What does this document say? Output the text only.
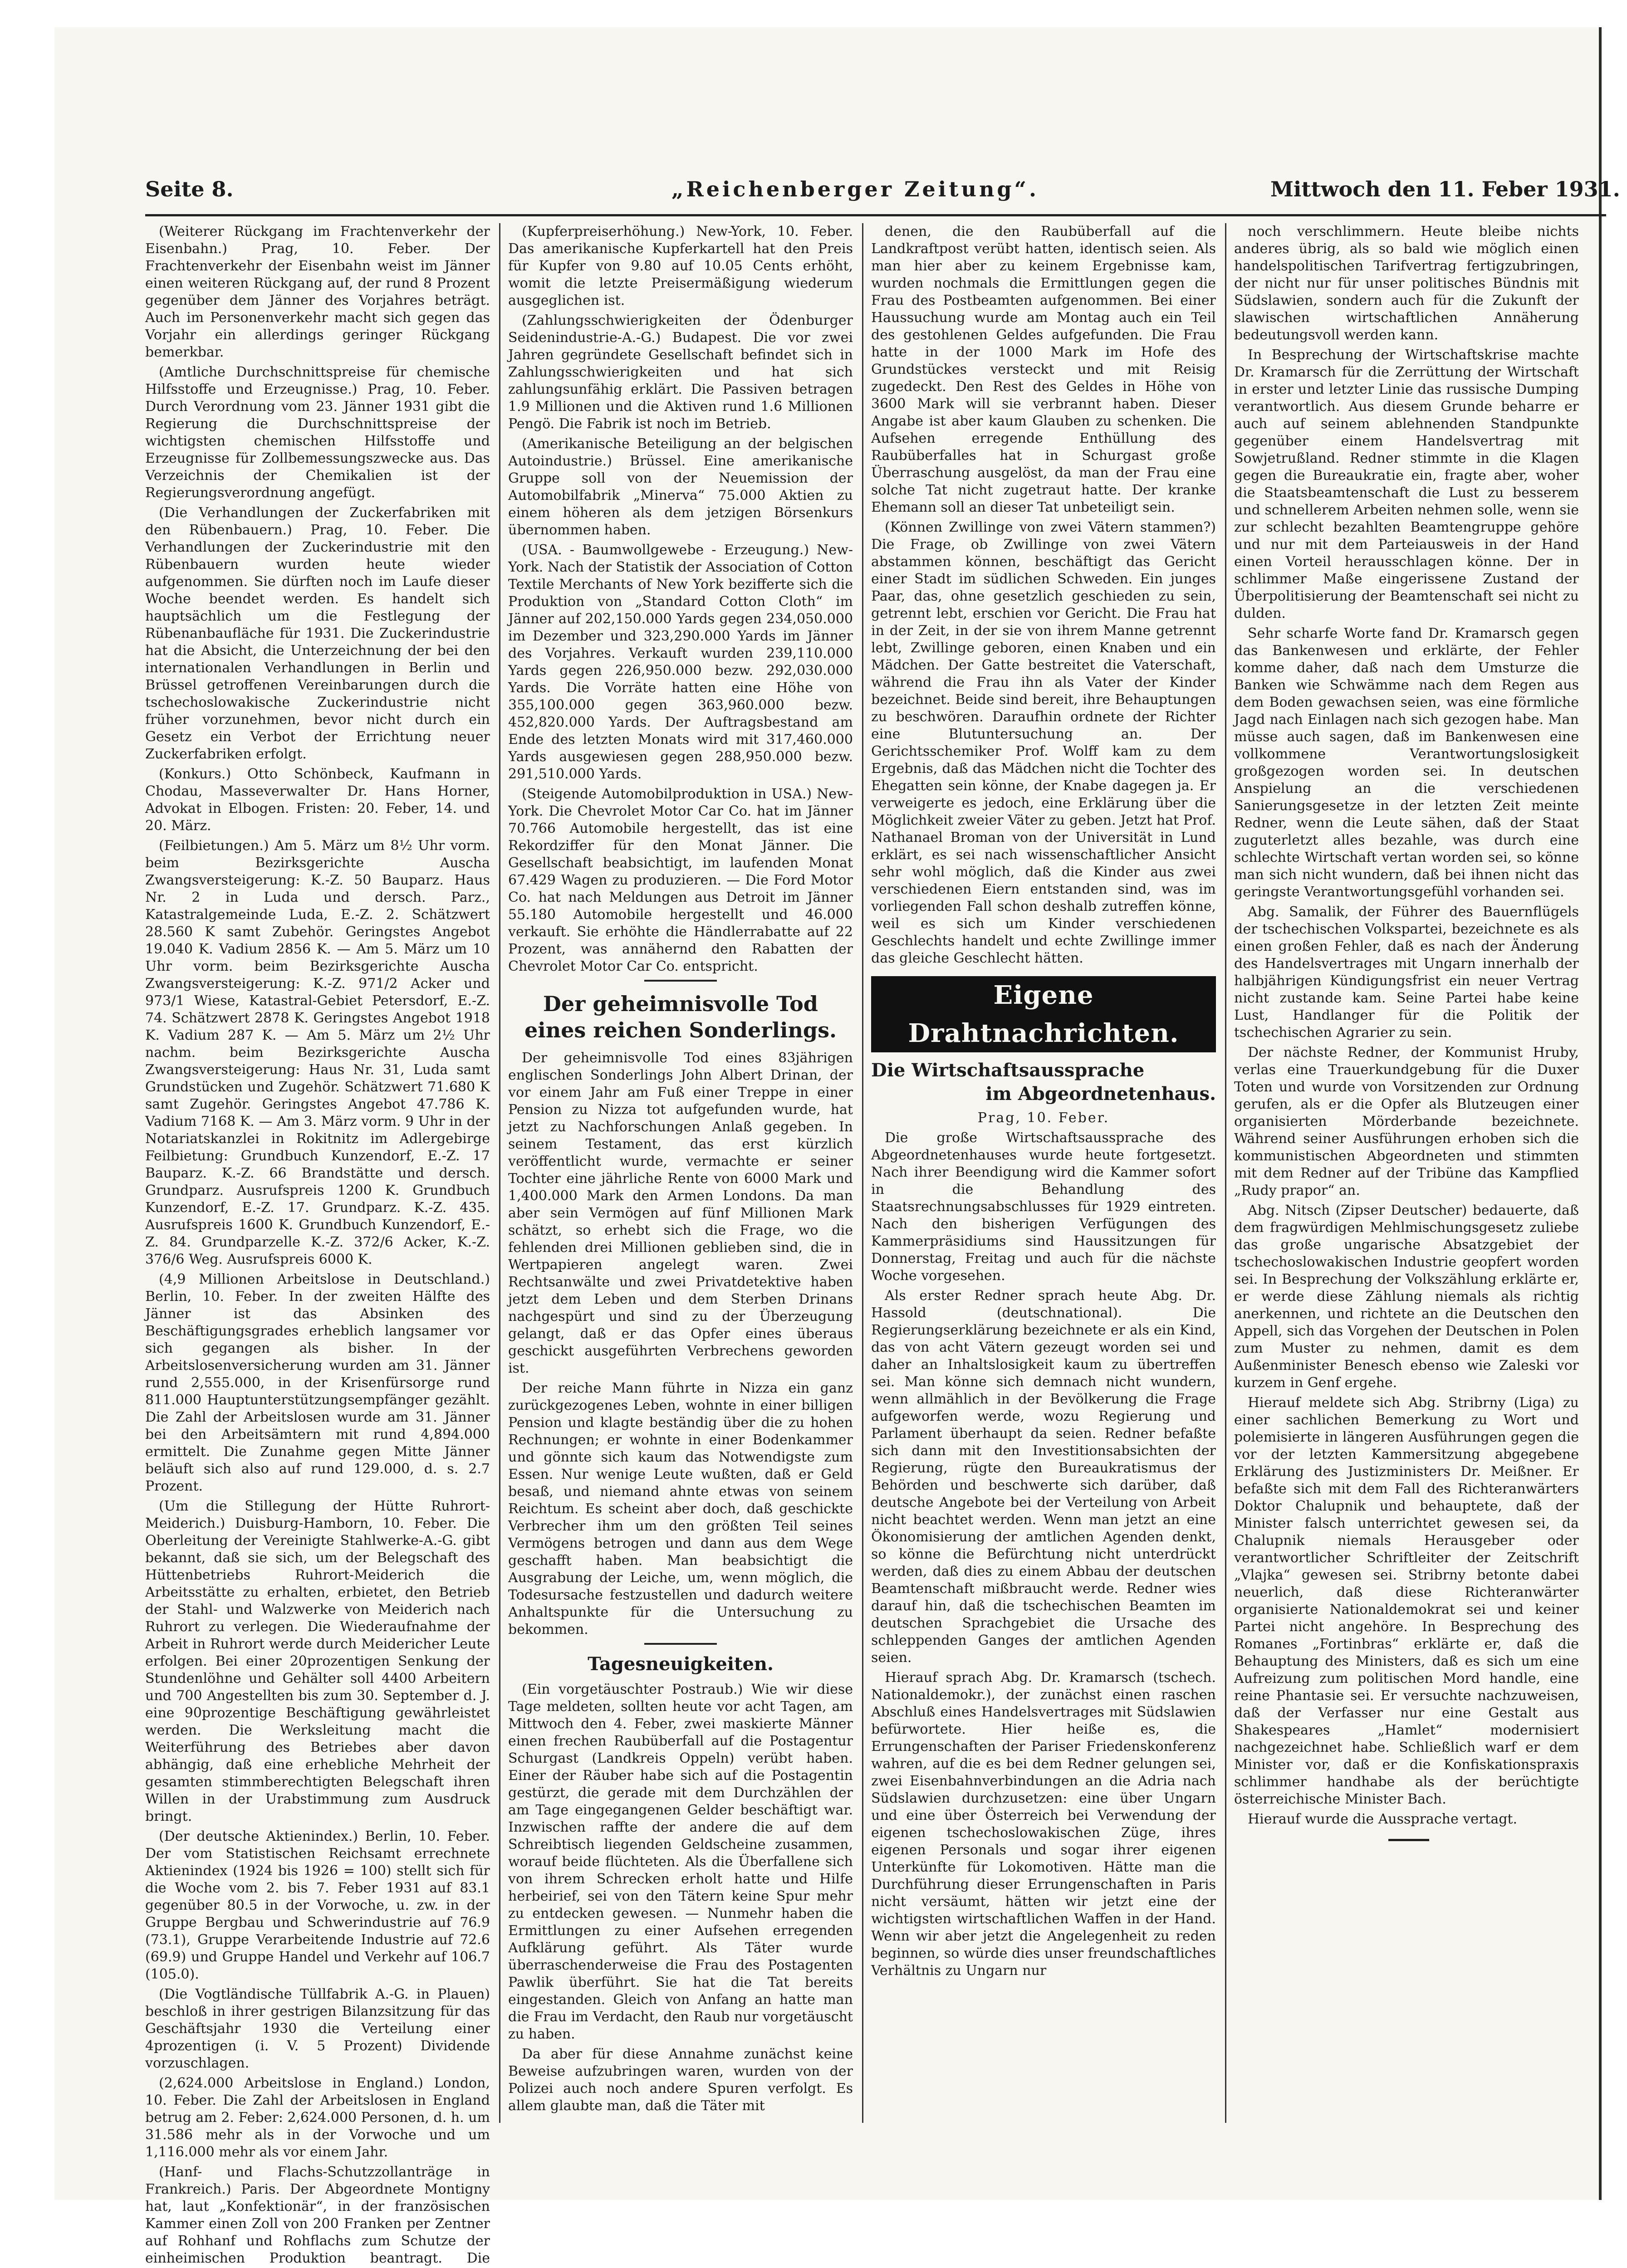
Seite 8.	„Reichenberger Zeitung“.	Mittwoch den 11. Feber 1931.

(Weiterer Rückgang im Frachtenverkehr der Eisenbahn.) Prag, 10. Feber. Der Frachtenverkehr der Eisenbahn weist im Jänner einen weiteren Rückgang auf, der rund 8 Prozent gegenüber dem Jänner des Vorjahres beträgt. Auch im Personenverkehr macht sich gegen das Vorjahr ein allerdings geringer Rückgang bemerkbar.

(Amtliche Durchschnittspreise für chemische Hilfsstoffe und Erzeugnisse.) Prag, 10. Feber. Durch Verordnung vom 23. Jänner 1931 gibt die Regierung die Durchschnittspreise der wichtigsten chemischen Hilfsstoffe und Erzeugnisse für Zollbemessungszwecke aus. Das Verzeichnis der Chemikalien ist der Regierungsverordnung angefügt.

(Die Verhandlungen der Zuckerfabriken mit den Rübenbauern.) Prag, 10. Feber. Die Verhandlungen der Zuckerindustrie mit den Rübenbauern wurden heute wieder aufgenommen. Sie dürften noch im Laufe dieser Woche beendet werden. Es handelt sich hauptsächlich um die Festlegung der Rübenanbaufläche für 1931. Die Zuckerindustrie hat die Absicht, die Unterzeichnung der bei den internationalen Verhandlungen in Berlin und Brüssel getroffenen Vereinbarungen durch die tschechoslowakische Zuckerindustrie nicht früher vorzunehmen, bevor nicht durch ein Gesetz ein Verbot der Errichtung neuer Zuckerfabriken erfolgt.

(Konkurs.) Otto Schönbeck, Kaufmann in Chodau, Masseverwalter Dr. Hans Horner, Advokat in Elbogen. Fristen: 20. Feber, 14. und 20. März.

(Feilbietungen.) Am 5. März um 8½ Uhr vorm. beim Bezirksgerichte Auscha Zwangsversteigerung: K.-Z. 50 Bauparz. Haus Nr. 2 in Luda und dersch. Parz., Katastralgemeinde Luda, E.-Z. 2. Schätzwert 28.560 K samt Zubehör. Geringstes Angebot 19.040 K. Vadium 2856 K. — Am 5. März um 10 Uhr vorm. beim Bezirksgerichte Auscha Zwangsversteigerung: K.-Z. 971/2 Acker und 973/1 Wiese, Katastral-Gebiet Petersdorf, E.-Z. 74. Schätzwert 2878 K. Geringstes Angebot 1918 K. Vadium 287 K. — Am 5. März um 2½ Uhr nachm. beim Bezirksgerichte Auscha Zwangsversteigerung: Haus Nr. 31, Luda samt Grundstücken und Zugehör. Schätzwert 71.680 K samt Zugehör. Geringstes Angebot 47.786 K. Vadium 7168 K. — Am 3. März vorm. 9 Uhr in der Notariatskanzlei in Rokitnitz im Adlergebirge Feilbietung: Grundbuch Kunzendorf, E.-Z. 17 Bauparz. K.-Z. 66 Brandstätte und dersch. Grundparz. Ausrufspreis 1200 K. Grundbuch Kunzendorf, E.-Z. 17. Grundparz. K.-Z. 435. Ausrufspreis 1600 K. Grundbuch Kunzendorf, E.-Z. 84. Grundparzelle K.-Z. 372/6 Acker, K.-Z. 376/6 Weg. Ausrufspreis 6000 K.

(4,9 Millionen Arbeitslose in Deutschland.) Berlin, 10. Feber. In der zweiten Hälfte des Jänner ist das Absinken des Beschäftigungsgrades erheblich langsamer vor sich gegangen als bisher. In der Arbeitslosenversicherung wurden am 31. Jänner rund 2,555.000, in der Krisenfürsorge rund 811.000 Hauptunterstützungsempfänger gezählt. Die Zahl der Arbeitslosen wurde am 31. Jänner bei den Arbeitsämtern mit rund 4,894.000 ermittelt. Die Zunahme gegen Mitte Jänner beläuft sich also auf rund 129.000, d. s. 2.7 Prozent.

(Um die Stillegung der Hütte Ruhrort-Meiderich.) Duisburg-Hamborn, 10. Feber. Die Oberleitung der Vereinigte Stahlwerke-A.-G. gibt bekannt, daß sie sich, um der Belegschaft des Hüttenbetriebs Ruhrort-Meiderich die Arbeitsstätte zu erhalten, erbietet, den Betrieb der Stahl- und Walzwerke von Meiderich nach Ruhrort zu verlegen. Die Wiederaufnahme der Arbeit in Ruhrort werde durch Meidericher Leute erfolgen. Bei einer 20prozentigen Senkung der Stundenlöhne und Gehälter soll 4400 Arbeitern und 700 Angestellten bis zum 30. September d. J. eine 90prozentige Beschäftigung gewährleistet werden. Die Werksleitung macht die Weiterführung des Betriebes aber davon abhängig, daß eine erhebliche Mehrheit der gesamten stimmberechtigten Belegschaft ihren Willen in der Urabstimmung zum Ausdruck bringt.

(Der deutsche Aktienindex.) Berlin, 10. Feber. Der vom Statistischen Reichsamt errechnete Aktienindex (1924 bis 1926 = 100) stellt sich für die Woche vom 2. bis 7. Feber 1931 auf 83.1 gegenüber 80.5 in der Vorwoche, u. zw. in der Gruppe Bergbau und Schwerindustrie auf 76.9 (73.1), Gruppe Verarbeitende Industrie auf 72.6 (69.9) und Gruppe Handel und Verkehr auf 106.7 (105.0).

(Die Vogtländische Tüllfabrik A.-G. in Plauen) beschloß in ihrer gestrigen Bilanzsitzung für das Geschäftsjahr 1930 die Verteilung einer 4prozentigen (i. V. 5 Prozent) Dividende vorzuschlagen.

(2,624.000 Arbeitslose in England.) London, 10. Feber. Die Zahl der Arbeitslosen in England betrug am 2. Feber: 2,624.000 Personen, d. h. um 31.586 mehr als in der Vorwoche und um 1,116.000 mehr als vor einem Jahr.

(Hanf- und Flachs-Schutzzollanträge in Frankreich.) Paris. Der Abgeordnete Montigny hat, laut „Konfektionär“, in der französischen Kammer einen Zoll von 200 Franken per Zentner auf Rohhanf und Rohflachs zum Schutze der einheimischen Produktion beantragt. Die

(Kupferpreiserhöhung.) New-York, 10. Feber. Das amerikanische Kupferkartell hat den Preis für Kupfer von 9.80 auf 10.05 Cents erhöht, womit die letzte Preisermäßigung wiederum ausgeglichen ist.

(Zahlungsschwierigkeiten der Ödenburger Seidenindustrie-A.-G.) Budapest. Die vor zwei Jahren gegründete Gesellschaft befindet sich in Zahlungsschwierigkeiten und hat sich zahlungsunfähig erklärt. Die Passiven betragen 1.9 Millionen und die Aktiven rund 1.6 Millionen Pengö. Die Fabrik ist noch im Betrieb.

(Amerikanische Beteiligung an der belgischen Autoindustrie.) Brüssel. Eine amerikanische Gruppe soll von der Neuemission der Automobilfabrik „Minerva“ 75.000 Aktien zu einem höheren als dem jetzigen Börsenkurs übernommen haben.

(USA. - Baumwollgewebe - Erzeugung.) New-York. Nach der Statistik der Association of Cotton Textile Merchants of New York bezifferte sich die Produktion von „Standard Cotton Cloth“ im Jänner auf 202,150.000 Yards gegen 234,050.000 im Dezember und 323,290.000 Yards im Jänner des Vorjahres. Verkauft wurden 239,110.000 Yards gegen 226,950.000 bezw. 292,030.000 Yards. Die Vorräte hatten eine Höhe von 355,100.000 gegen 363,960.000 bezw. 452,820.000 Yards. Der Auftragsbestand am Ende des letzten Monats wird mit 317,460.000 Yards ausgewiesen gegen 288,950.000 bezw. 291,510.000 Yards.

(Steigende Automobilproduktion in USA.) New-York. Die Chevrolet Motor Car Co. hat im Jänner 70.766 Automobile hergestellt, das ist eine Rekordziffer für den Monat Jänner. Die Gesellschaft beabsichtigt, im laufenden Monat 67.429 Wagen zu produzieren. — Die Ford Motor Co. hat nach Meldungen aus Detroit im Jänner 55.180 Automobile hergestellt und 46.000 verkauft. Sie erhöhte die Händlerrabatte auf 22 Prozent, was annähernd den Rabatten der Chevrolet Motor Car Co. entspricht.

Der geheimnisvolle Tod
eines reichen Sonderlings.

Der geheimnisvolle Tod eines 83jährigen englischen Sonderlings John Albert Drinan, der vor einem Jahr am Fuß einer Treppe in einer Pension zu Nizza tot aufgefunden wurde, hat jetzt zu Nachforschungen Anlaß gegeben. In seinem Testament, das erst kürzlich veröffentlicht wurde, vermachte er seiner Tochter eine jährliche Rente von 6000 Mark und 1,400.000 Mark den Armen Londons. Da man aber sein Vermögen auf fünf Millionen Mark schätzt, so erhebt sich die Frage, wo die fehlenden drei Millionen geblieben sind, die in Wertpapieren angelegt waren. Zwei Rechtsanwälte und zwei Privatdetektive haben jetzt dem Leben und dem Sterben Drinans nachgespürt und sind zu der Überzeugung gelangt, daß er das Opfer eines überaus geschickt ausgeführten Verbrechens geworden ist.

Der reiche Mann führte in Nizza ein ganz zurückgezogenes Leben, wohnte in einer billigen Pension und klagte beständig über die zu hohen Rechnungen; er wohnte in einer Bodenkammer und gönnte sich kaum das Notwendigste zum Essen. Nur wenige Leute wußten, daß er Geld besaß, und niemand ahnte etwas von seinem Reichtum. Es scheint aber doch, daß geschickte Verbrecher ihm um den größten Teil seines Vermögens betrogen und dann aus dem Wege geschafft haben. Man beabsichtigt die Ausgrabung der Leiche, um, wenn möglich, die Todesursache festzustellen und dadurch weitere Anhaltspunkte für die Untersuchung zu bekommen.

Tagesneuigkeiten.

(Ein vorgetäuschter Postraub.) Wie wir diese Tage meldeten, sollten heute vor acht Tagen, am Mittwoch den 4. Feber, zwei maskierte Männer einen frechen Raubüberfall auf die Postagentur Schurgast (Landkreis Oppeln) verübt haben. Einer der Räuber habe sich auf die Postagentin gestürzt, die gerade mit dem Durchzählen der am Tage eingegangenen Gelder beschäftigt war. Inzwischen raffte der andere die auf dem Schreibtisch liegenden Geldscheine zusammen, worauf beide flüchteten. Als die Überfallene sich von ihrem Schrecken erholt hatte und Hilfe herbeirief, sei von den Tätern keine Spur mehr zu entdecken gewesen. — Nunmehr haben die Ermittlungen zu einer Aufsehen erregenden Aufklärung geführt. Als Täter wurde überraschenderweise die Frau des Postagenten Pawlik überführt. Sie hat die Tat bereits eingestanden. Gleich von Anfang an hatte man die Frau im Verdacht, den Raub nur vorgetäuscht zu haben.

Da aber für diese Annahme zunächst keine Beweise aufzubringen waren, wurden von der Polizei auch noch andere Spuren verfolgt. Es allem glaubte man, daß die Täter mit

denen, die den Raubüberfall auf die Landkraftpost verübt hatten, identisch seien. Als man hier aber zu keinem Ergebnisse kam, wurden nochmals die Ermittlungen gegen die Frau des Postbeamten aufgenommen. Bei einer Haussuchung wurde am Montag auch ein Teil des gestohlenen Geldes aufgefunden. Die Frau hatte in der 1000 Mark im Hofe des Grundstückes versteckt und mit Reisig zugedeckt. Den Rest des Geldes in Höhe von 3600 Mark will sie verbrannt haben. Dieser Angabe ist aber kaum Glauben zu schenken. Die Aufsehen erregende Enthüllung des Raubüberfalles hat in Schurgast große Überraschung ausgelöst, da man der Frau eine solche Tat nicht zugetraut hatte. Der kranke Ehemann soll an dieser Tat unbeteiligt sein.

(Können Zwillinge von zwei Vätern stammen?) Die Frage, ob Zwillinge von zwei Vätern abstammen können, beschäftigt das Gericht einer Stadt im südlichen Schweden. Ein junges Paar, das, ohne gesetzlich geschieden zu sein, getrennt lebt, erschien vor Gericht. Die Frau hat in der Zeit, in der sie von ihrem Manne getrennt lebt, Zwillinge geboren, einen Knaben und ein Mädchen. Der Gatte bestreitet die Vaterschaft, während die Frau ihn als Vater der Kinder bezeichnet. Beide sind bereit, ihre Behauptungen zu beschwören. Daraufhin ordnete der Richter eine Blutuntersuchung an. Der Gerichtsschemiker Prof. Wolff kam zu dem Ergebnis, daß das Mädchen nicht die Tochter des Ehegatten sein könne, der Knabe dagegen ja. Er verweigerte es jedoch, eine Erklärung über die Möglichkeit zweier Väter zu geben. Jetzt hat Prof. Nathanael Broman von der Universität in Lund erklärt, es sei nach wissenschaftlicher Ansicht sehr wohl möglich, daß die Kinder aus zwei verschiedenen Eiern entstanden sind, was im vorliegenden Fall schon deshalb zutreffen könne, weil es sich um Kinder verschiedenen Geschlechts handelt und echte Zwillinge immer das gleiche Geschlecht hätten.

Eigene Drahtnachrichten.
Die Wirtschaftsaussprache
im Abgeordnetenhaus.
Prag, 10. Feber.

Die große Wirtschaftsaussprache des Abgeordnetenhauses wurde heute fortgesetzt. Nach ihrer Beendigung wird die Kammer sofort in die Behandlung des Staatsrechnungsabschlusses für 1929 eintreten. Nach den bisherigen Verfügungen des Kammerpräsidiums sind Haussitzungen für Donnerstag, Freitag und auch für die nächste Woche vorgesehen.

Als erster Redner sprach heute Abg. Dr. Hassold (deutschnational). Die Regierungserklärung bezeichnete er als ein Kind, das von acht Vätern gezeugt worden sei und daher an Inhaltslosigkeit kaum zu übertreffen sei. Man könne sich demnach nicht wundern, wenn allmählich in der Bevölkerung die Frage aufgeworfen werde, wozu Regierung und Parlament überhaupt da seien. Redner befaßte sich dann mit den Investitionsabsichten der Regierung, rügte den Bureaukratismus der Behörden und beschwerte sich darüber, daß deutsche Angebote bei der Verteilung von Arbeit nicht beachtet werden. Wenn man jetzt an eine Ökonomisierung der amtlichen Agenden denkt, so könne die Befürchtung nicht unterdrückt werden, daß dies zu einem Abbau der deutschen Beamtenschaft mißbraucht werde. Redner wies darauf hin, daß die tschechischen Beamten im deutschen Sprachgebiet die Ursache des schleppenden Ganges der amtlichen Agenden seien.

Hierauf sprach Abg. Dr. Kramarsch (tschech. Nationaldemokr.), der zunächst einen raschen Abschluß eines Handelsvertrages mit Südslawien befürwortete. Hier heiße es, die Errungenschaften der Pariser Friedenskonferenz wahren, auf die es bei dem Redner gelungen sei, zwei Eisenbahnverbindungen an die Adria nach Südslawien durchzusetzen: eine über Ungarn und eine über Österreich bei Verwendung der eigenen tschechoslowakischen Züge, ihres eigenen Personals und sogar ihrer eigenen Unterkünfte für Lokomotiven. Hätte man die Durchführung dieser Errungenschaften in Paris nicht versäumt, hätten wir jetzt eine der wichtigsten wirtschaftlichen Waffen in der Hand. Wenn wir aber jetzt die Angelegenheit zu reden beginnen, so würde dies unser freundschaftliches Verhältnis zu Ungarn nur

noch verschlimmern. Heute bleibe nichts anderes übrig, als so bald wie möglich einen handelspolitischen Tarifvertrag fertigzubringen, der nicht nur für unser politisches Bündnis mit Südslawien, sondern auch für die Zukunft der slawischen wirtschaftlichen Annäherung bedeutungsvoll werden kann.

In Besprechung der Wirtschaftskrise machte Dr. Kramarsch für die Zerrüttung der Wirtschaft in erster und letzter Linie das russische Dumping verantwortlich. Aus diesem Grunde beharre er auch auf seinem ablehnenden Standpunkte gegenüber einem Handelsvertrag mit Sowjetrußland. Redner stimmte in die Klagen gegen die Bureaukratie ein, fragte aber, woher die Staatsbeamtenschaft die Lust zu besserem und schnellerem Arbeiten nehmen solle, wenn sie zur schlecht bezahlten Beamtengruppe gehöre und nur mit dem Parteiausweis in der Hand einen Vorteil herausschlagen könne. Der in schlimmer Maße eingerissene Zustand der Überpolitisierung der Beamtenschaft sei nicht zu dulden.

Sehr scharfe Worte fand Dr. Kramarsch gegen das Bankenwesen und erklärte, der Fehler komme daher, daß nach dem Umsturze die Banken wie Schwämme nach dem Regen aus dem Boden gewachsen seien, was eine förmliche Jagd nach Einlagen nach sich gezogen habe. Man müsse auch sagen, daß im Bankenwesen eine vollkommene Verantwortungslosigkeit großgezogen worden sei. In deutschen Anspielung an die verschiedenen Sanierungsgesetze in der letzten Zeit meinte Redner, wenn die Leute sähen, daß der Staat zuguterletzt alles bezahle, was durch eine schlechte Wirtschaft vertan worden sei, so könne man sich nicht wundern, daß bei ihnen nicht das geringste Verantwortungsgefühl vorhanden sei.

Abg. Samalik, der Führer des Bauernflügels der tschechischen Volkspartei, bezeichnete es als einen großen Fehler, daß es nach der Änderung des Handelsvertrages mit Ungarn innerhalb der halbjährigen Kündigungsfrist ein neuer Vertrag nicht zustande kam. Seine Partei habe keine Lust, Handlanger für die Politik der tschechischen Agrarier zu sein.

Der nächste Redner, der Kommunist Hruby, verlas eine Trauerkundgebung für die Duxer Toten und wurde von Vorsitzenden zur Ordnung gerufen, als er die Opfer als Blutzeugen einer organisierten Mörderbande bezeichnete. Während seiner Ausführungen erhoben sich die kommunistischen Abgeordneten und stimmten mit dem Redner auf der Tribüne das Kampflied „Rudy prapor“ an.

Abg. Nitsch (Zipser Deutscher) bedauerte, daß dem fragwürdigen Mehlmischungsgesetz zuliebe das große ungarische Absatzgebiet der tschechoslowakischen Industrie geopfert worden sei. In Besprechung der Volkszählung erklärte er, er werde diese Zählung niemals als richtig anerkennen, und richtete an die Deutschen den Appell, sich das Vorgehen der Deutschen in Polen zum Muster zu nehmen, damit es dem Außenminister Benesch ebenso wie Zaleski vor kurzem in Genf ergehe.

Hierauf meldete sich Abg. Stribrny (Liga) zu einer sachlichen Bemerkung zu Wort und polemisierte in längeren Ausführungen gegen die vor der letzten Kammersitzung abgegebene Erklärung des Justizministers Dr. Meißner. Er befaßte sich mit dem Fall des Richteranwärters Doktor Chalupnik und behauptete, daß der Minister falsch unterrichtet gewesen sei, da Chalupnik niemals Herausgeber oder verantwortlicher Schriftleiter der Zeitschrift „Vlajka“ gewesen sei. Stribrny betonte dabei neuerlich, daß diese Richteranwärter organisierte Nationaldemokrat sei und keiner Partei nicht angehöre. In Besprechung des Romanes „Fortinbras“ erklärte er, daß die Behauptung des Ministers, daß es sich um eine Aufreizung zum politischen Mord handle, eine reine Phantasie sei. Er versuchte nachzuweisen, daß der Verfasser nur eine Gestalt aus Shakespeares „Hamlet“ modernisiert nachgezeichnet habe. Schließlich warf er dem Minister vor, daß er die Konfiskationspraxis schlimmer handhabe als der berüchtigte österreichische Minister Bach.

Hierauf wurde die Aussprache vertagt.
